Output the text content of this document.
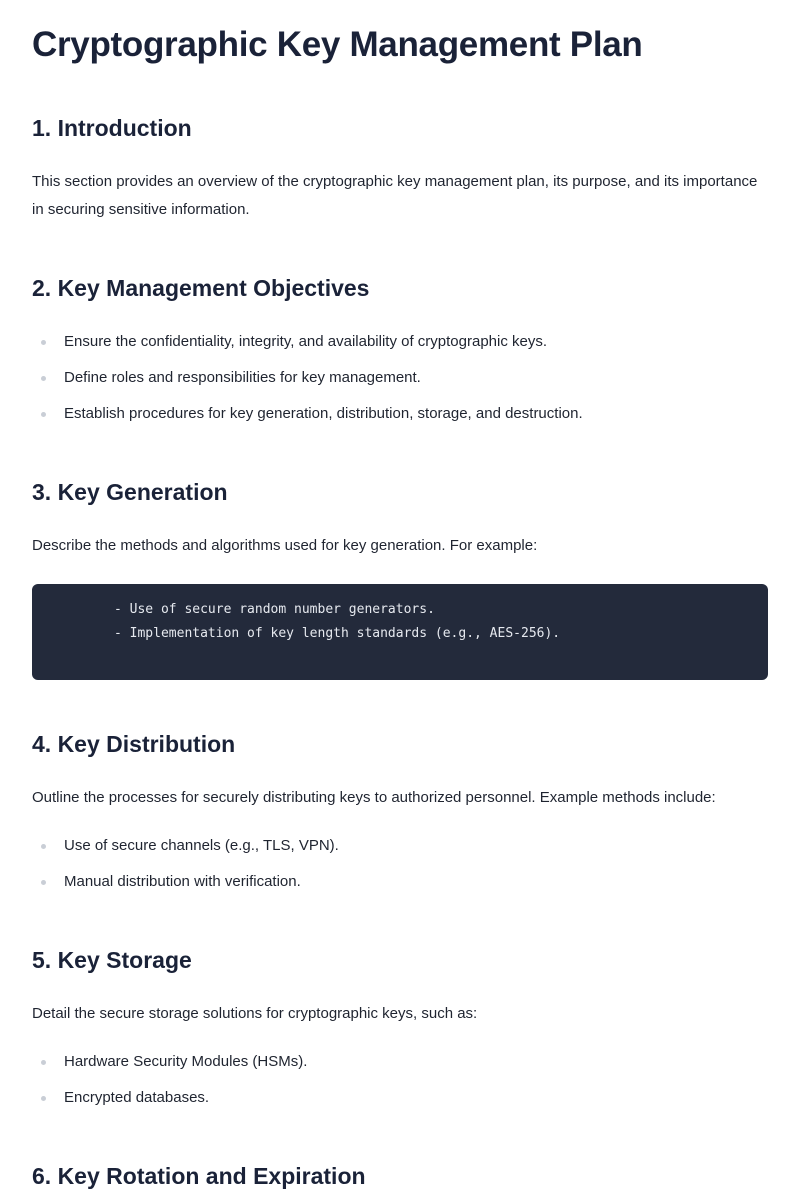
Cryptographic Key Management Plan
1. Introduction

This section provides an overview of the cryptographic key management plan, its purpose, and its importance in securing sensitive information.

2. Key Management Objectives
Ensure the confidentiality, integrity, and availability of cryptographic keys.
Define roles and responsibilities for key management.
Establish procedures for key generation, distribution, storage, and destruction.
3. Key Generation

Describe the methods and algorithms used for key generation. For example:

- Use of secure random number generators.
- Implementation of key length standards (e.g., AES-256).
4. Key Distribution

Outline the processes for securely distributing keys to authorized personnel. Example methods include:

Use of secure channels (e.g., TLS, VPN).
Manual distribution with verification.
5. Key Storage

Detail the secure storage solutions for cryptographic keys, such as:

Hardware Security Modules (HSMs).
Encrypted databases.
6. Key Rotation and Expiration
